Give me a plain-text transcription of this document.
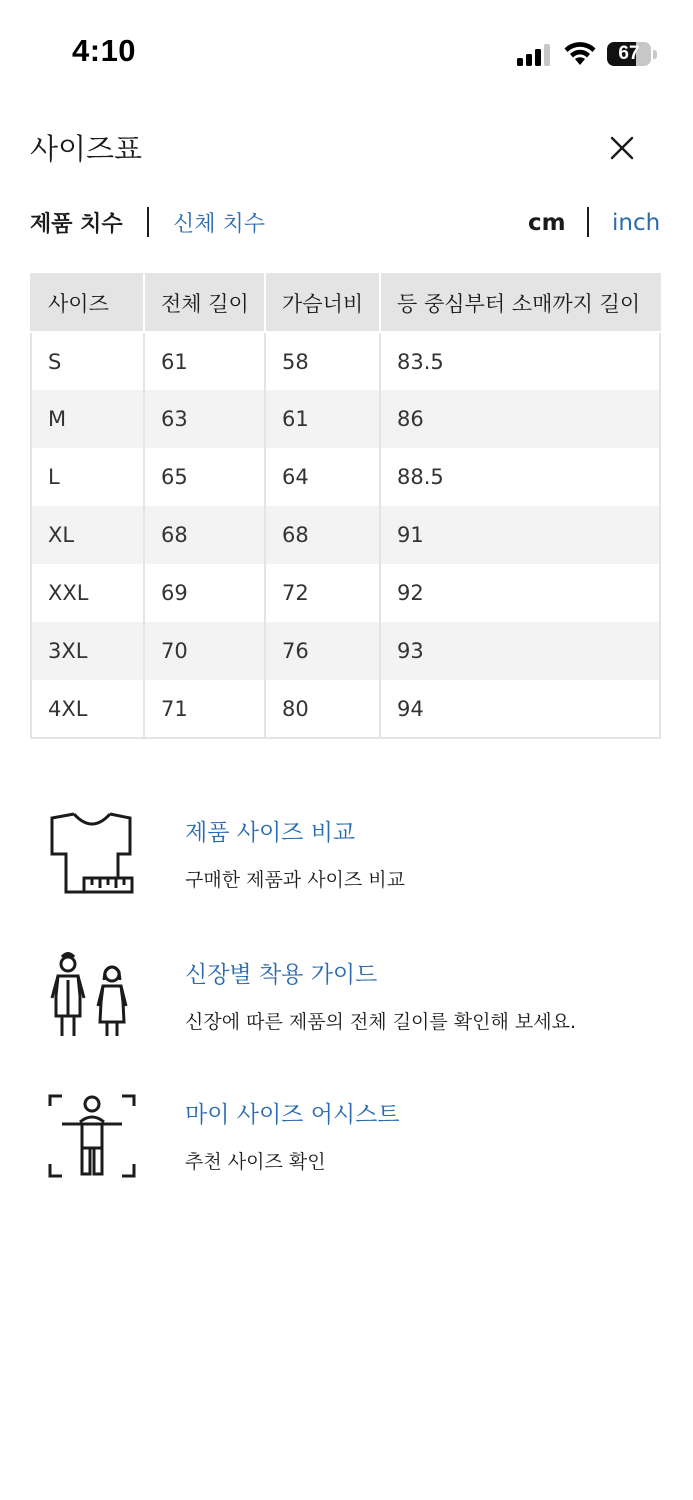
4:10	67
사이즈표
제품 치수 신체 치수	cm inch
사이즈	전체 길이	가슴너비	등 중심부터 소매까지 길이
S	61	58	83.5
M	63	61	86
L	65	64	88.5
XL	68	68	91
XXL	69	72	92
3XL	70	76	93
4XL	71	80	94
제품 사이즈 비교
구매한 제품과 사이즈 비교
신장별 착용 가이드
신장에 따른 제품의 전체 길이를 확인해 보세요.
마이 사이즈 어시스트
추천 사이즈 확인
